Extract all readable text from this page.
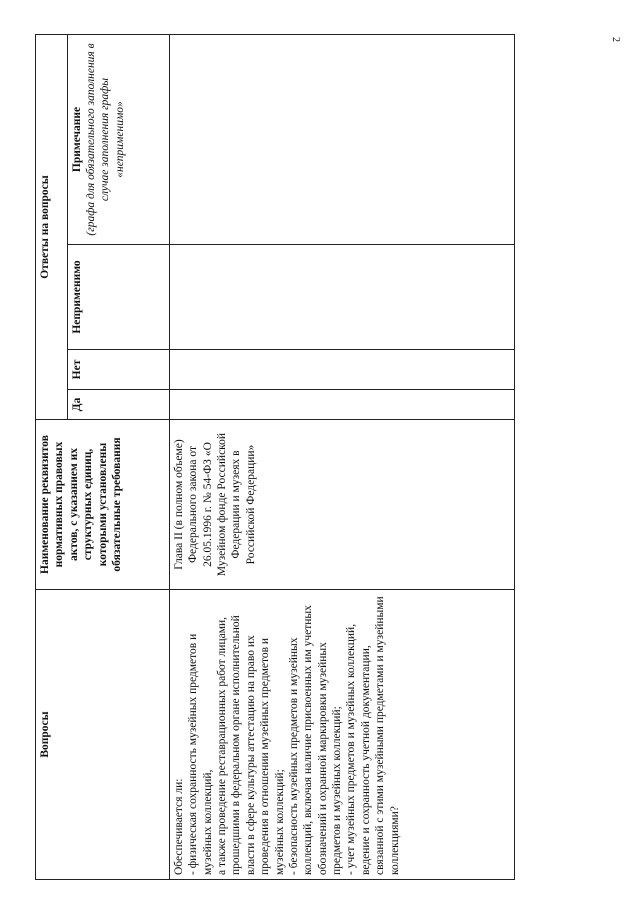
2
Вопросы	Наименование реквизитов нормативных правовых актов, с указанием их структурных единиц, которыми установлены обязательные требования	Ответы на вопросы			
		Да	Нет	Неприменимо	Примечание (графа для обязательного заполнения в случае заполнения графы «неприменимо»

Обеспечивается ли: - физическая сохранность музейных предметов и музейных коллекций, а также проведение реставрационных работ лицами, прошедшими в федеральном органе исполнительной власти в сфере культуры аттестацию на право их проведения в отношении музейных предметов и музейных коллекций; - безопасность музейных предметов и музейных коллекций, включая наличие присвоенных им учетных обозначений и охранной маркировки музейных предметов и музейных коллекций; - учет музейных предметов и музейных коллекций, ведение и сохранность учетной документации, связанной с этими музейными предметами и музейными коллекциями?	Глава II (в полном объеме) Федерального закона от 26.05.1996 г. № 54-ФЗ «О Музейном фонде Российской Федерации и музеях в Российской Федерации»				
